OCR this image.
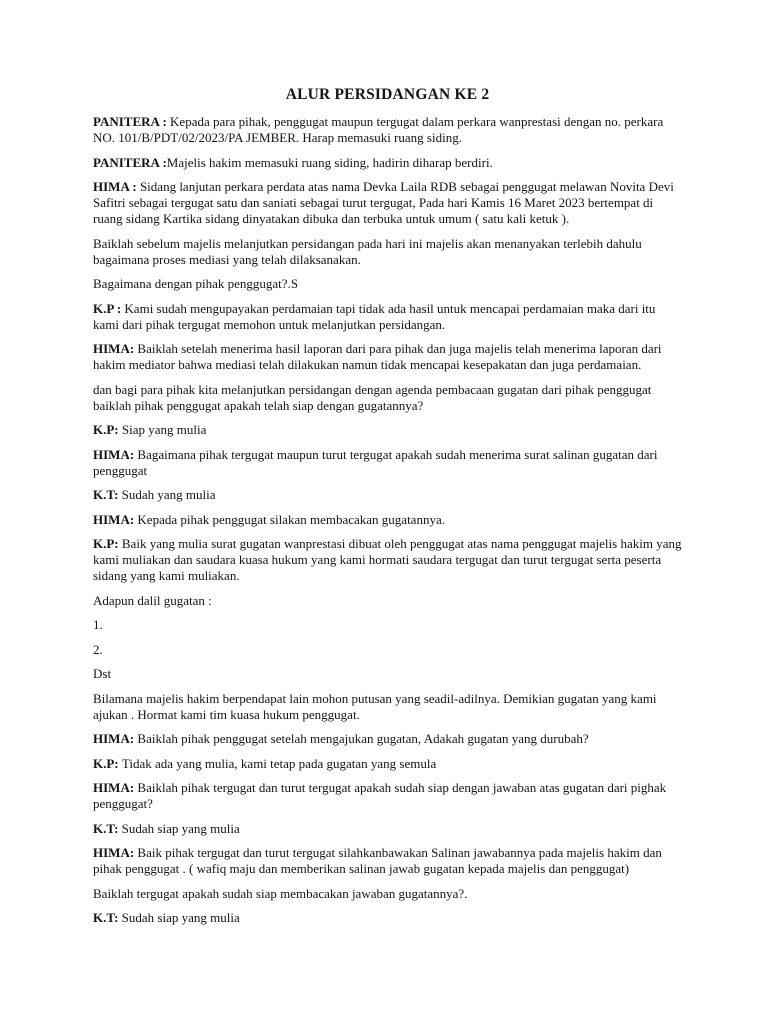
ALUR PERSIDANGAN KE 2

PANITERA : Kepada para pihak, penggugat maupun tergugat dalam perkara wanprestasi dengan no. perkara NO. 101/B/PDT/02/2023/PA JEMBER. Harap memasuki ruang siding.

PANITERA :Majelis hakim memasuki ruang siding, hadirin diharap berdiri.

HIMA : Sidang lanjutan perkara perdata atas nama Devka Laila RDB sebagai penggugat melawan Novita Devi Safitri sebagai tergugat satu dan saniati sebagai turut tergugat, Pada hari Kamis 16 Maret 2023 bertempat di ruang sidang Kartika sidang dinyatakan dibuka dan terbuka untuk umum ( satu kali ketuk ).

Baiklah sebelum majelis melanjutkan persidangan pada hari ini majelis akan menanyakan terlebih dahulu bagaimana proses mediasi yang telah dilaksanakan.

Bagaimana dengan pihak penggugat?.S

K.P : Kami sudah mengupayakan perdamaian tapi tidak ada hasil untuk mencapai perdamaian maka dari itu kami dari pihak tergugat memohon untuk melanjutkan persidangan.

HIMA: Baiklah setelah menerima hasil laporan dari para pihak dan juga majelis telah menerima laporan dari hakim mediator bahwa mediasi telah dilakukan namun tidak mencapai kesepakatan dan juga perdamaian.

dan bagi para pihak kita melanjutkan persidangan dengan agenda pembacaan gugatan dari pihak penggugat baiklah pihak penggugat apakah telah siap dengan gugatannya?

K.P: Siap yang mulia

HIMA: Bagaimana pihak tergugat maupun turut tergugat apakah sudah menerima surat salinan gugatan dari penggugat

K.T: Sudah yang mulia

HIMA: Kepada pihak penggugat silakan membacakan gugatannya.

K.P: Baik yang mulia surat gugatan wanprestasi dibuat oleh penggugat atas nama penggugat majelis hakim yang kami muliakan dan saudara kuasa hukum yang kami hormati saudara tergugat dan turut tergugat serta peserta sidang yang kami muliakan.

Adapun dalil gugatan :

1.

2.

Dst

Bilamana majelis hakim berpendapat lain mohon putusan yang seadil-adilnya. Demikian gugatan yang kami ajukan . Hormat kami tim kuasa hukum penggugat.

HIMA: Baiklah pihak penggugat setelah mengajukan gugatan, Adakah gugatan yang durubah?

K.P: Tidak ada yang mulia, kami tetap pada gugatan yang semula

HIMA: Baiklah pihak tergugat dan turut tergugat apakah sudah siap dengan jawaban atas gugatan dari pighak penggugat?

K.T: Sudah siap yang mulia

HIMA: Baik pihak tergugat dan turut tergugat silahkanbawakan Salinan jawabannya pada majelis hakim dan pihak penggugat . ( wafiq maju dan memberikan salinan jawab gugatan kepada majelis dan penggugat)

Baiklah tergugat apakah sudah siap membacakan jawaban gugatannya?.

K.T: Sudah siap yang mulia
